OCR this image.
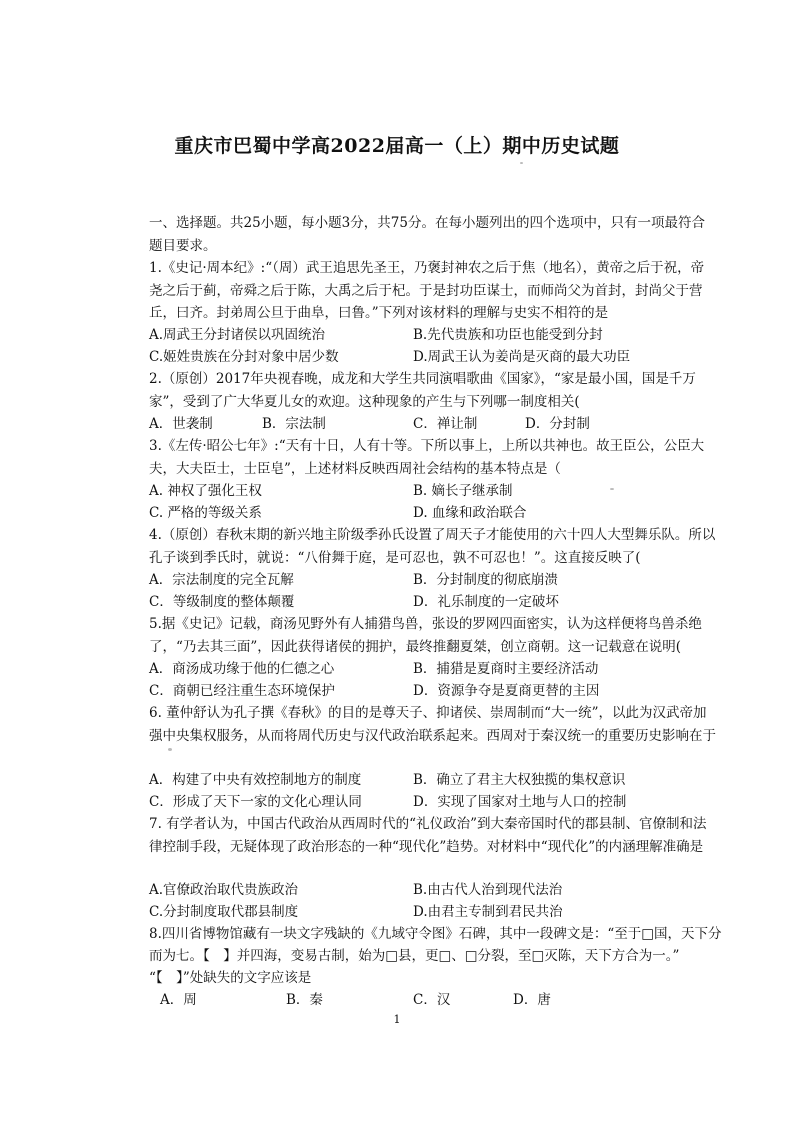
重庆市巴蜀中学高2022届高一（上）期中历史试题
一、选择题。共25小题，每小题3分，共75分。在每小题列出的四个选项中，只有一项最符合
题目要求。
1.《史记·周本纪》:“（周）武王追思先圣王，乃褒封神农之后于焦（地名），黄帝之后于祝，帝
尧之后于蓟，帝舜之后于陈，大禹之后于杞。于是封功臣谋士，而师尚父为首封，封尚父于营
丘，曰齐。封弟周公旦于曲阜，曰鲁。”下列对该材料的理解与史实不相符的是
A.周武王分封诸侯以巩固统治	B.先代贵族和功臣也能受到分封
C.姬姓贵族在分封对象中居少数	D.周武王认为姜尚是灭商的最大功臣
2.（原创）2017年央视春晚，成龙和大学生共同演唱歌曲《国家》，“家是最小国，国是千万
家”，受到了广大华夏儿女的欢迎。这种现象的产生与下列哪一制度相关(
A．世袭制	B．宗法制	C．禅让制	D．分封制
3.《左传·昭公七年》:“天有十日，人有十等。下所以事上，上所以共神也。故王臣公，公臣大
夫，大夫臣士，士臣皂”，上述材料反映西周社会结构的基本特点是（
A. 神权了强化王权	B. 嫡长子继承制
C. 严格的等级关系	D. 血缘和政治联合
4.（原创）春秋末期的新兴地主阶级季孙氏设置了周天子才能使用的六十四人大型舞乐队。所以
孔子谈到季氏时，就说：“八佾舞于庭，是可忍也，孰不可忍也！”。这直接反映了(
A．宗法制度的完全瓦解	B．分封制度的彻底崩溃
C．等级制度的整体颠覆	D．礼乐制度的一定破坏
5.据《史记》记载，商汤见野外有人捕猎鸟兽，张设的罗网四面密实，认为这样便将鸟兽杀绝
了，“乃去其三面”，因此获得诸侯的拥护，最终推翻夏桀，创立商朝。这一记载意在说明(
A．商汤成功缘于他的仁德之心	B．捕猎是夏商时主要经济活动
C．商朝已经注重生态环境保护	D．资源争夺是夏商更替的主因
6. 董仲舒认为孔子撰《春秋》的目的是尊天子、抑诸侯、崇周制而“大一统”，以此为汉武帝加
强中央集权服务，从而将周代历史与汉代政治联系起来。西周对于秦汉统一的重要历史影响在于
A．构建了中央有效控制地方的制度	B．确立了君主大权独揽的集权意识
C．形成了天下一家的文化心理认同	D．实现了国家对土地与人口的控制
7. 有学者认为，中国古代政治从西周时代的“礼仪政治”到大秦帝国时代的郡县制、官僚制和法
律控制手段，无疑体现了政治形态的一种“现代化”趋势。对材料中“现代化”的内涵理解准确是
A.官僚政治取代贵族政治	B.由古代人治到现代法治
C.分封制度取代郡县制度	D.由君主专制到君民共治
8.四川省博物馆藏有一块文字残缺的《九域守令图》石碑，其中一段碑文是：“至于□国，天下分
而为七。【　】并四海，变易古制，始为□县，更□、□分裂，至□灭陈，天下方合为一。”
“【　】”处缺失的文字应该是
A．周	B．秦	C．汉	D．唐
1
